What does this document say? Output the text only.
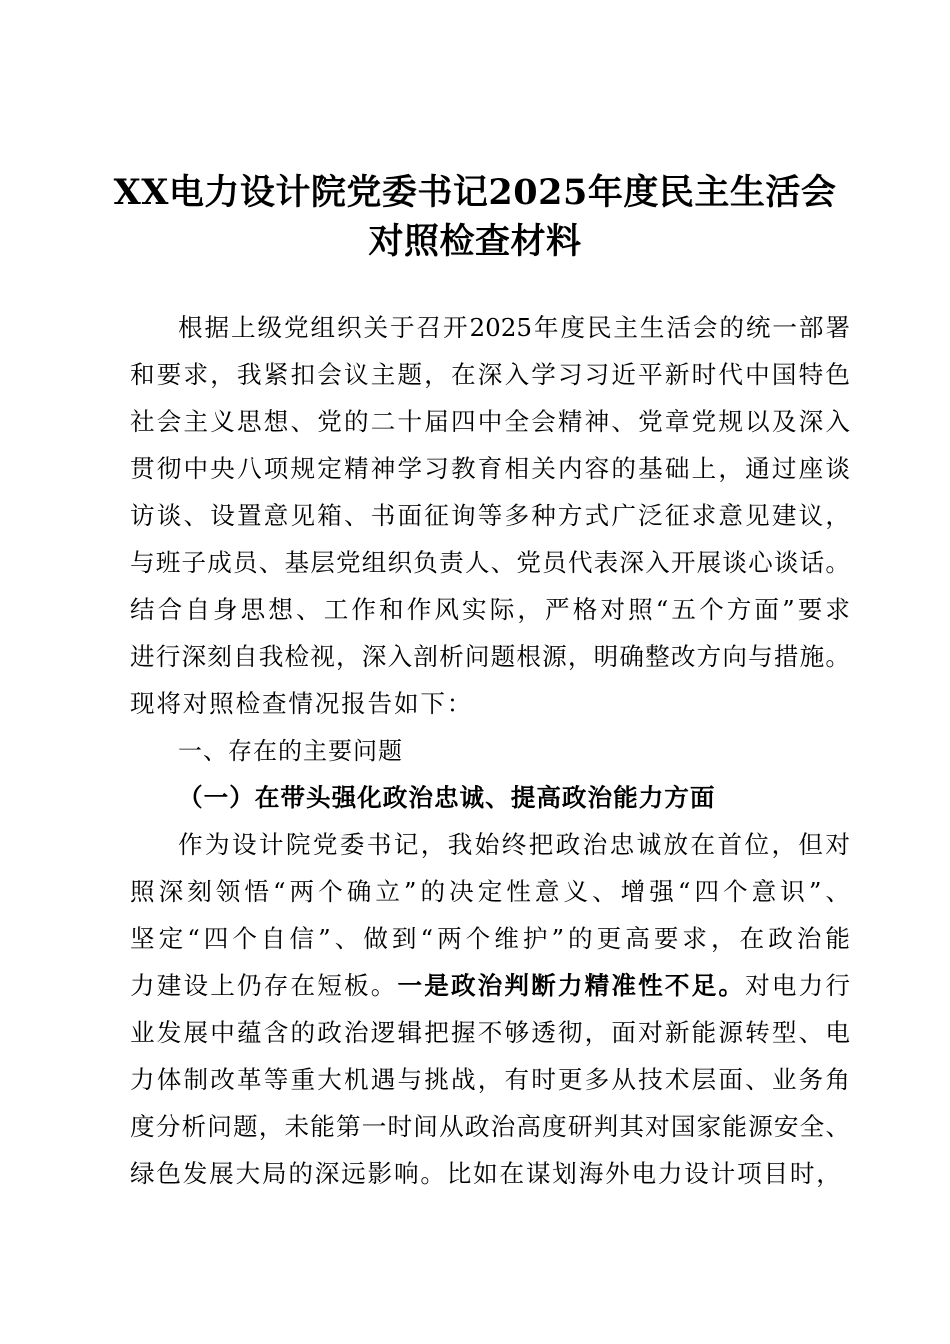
XX电力设计院党委书记2025年度民主生活会
对照检查材料
根据上级党组织关于召开2025年度民主生活会的统一部署
和要求，我紧扣会议主题，在深入学习习近平新时代中国特色
社会主义思想、党的二十届四中全会精神、党章党规以及深入
贯彻中央八项规定精神学习教育相关内容的基础上，通过座谈
访谈、设置意见箱、书面征询等多种方式广泛征求意见建议，
与班子成员、基层党组织负责人、党员代表深入开展谈心谈话。
结合自身思想、工作和作风实际，严格对照“五个方面”要求
进行深刻自我检视，深入剖析问题根源，明确整改方向与措施。
现将对照检查情况报告如下：
一、存在的主要问题
（一）在带头强化政治忠诚、提高政治能力方面
作为设计院党委书记，我始终把政治忠诚放在首位，但对
照深刻领悟“两个确立”的决定性意义、增强“四个意识”、
坚定“四个自信”、做到“两个维护”的更高要求，在政治能
力建设上仍存在短板。一是政治判断力精准性不足。对电力行
业发展中蕴含的政治逻辑把握不够透彻，面对新能源转型、电
力体制改革等重大机遇与挑战，有时更多从技术层面、业务角
度分析问题，未能第一时间从政治高度研判其对国家能源安全、
绿色发展大局的深远影响。比如在谋划海外电力设计项目时，
